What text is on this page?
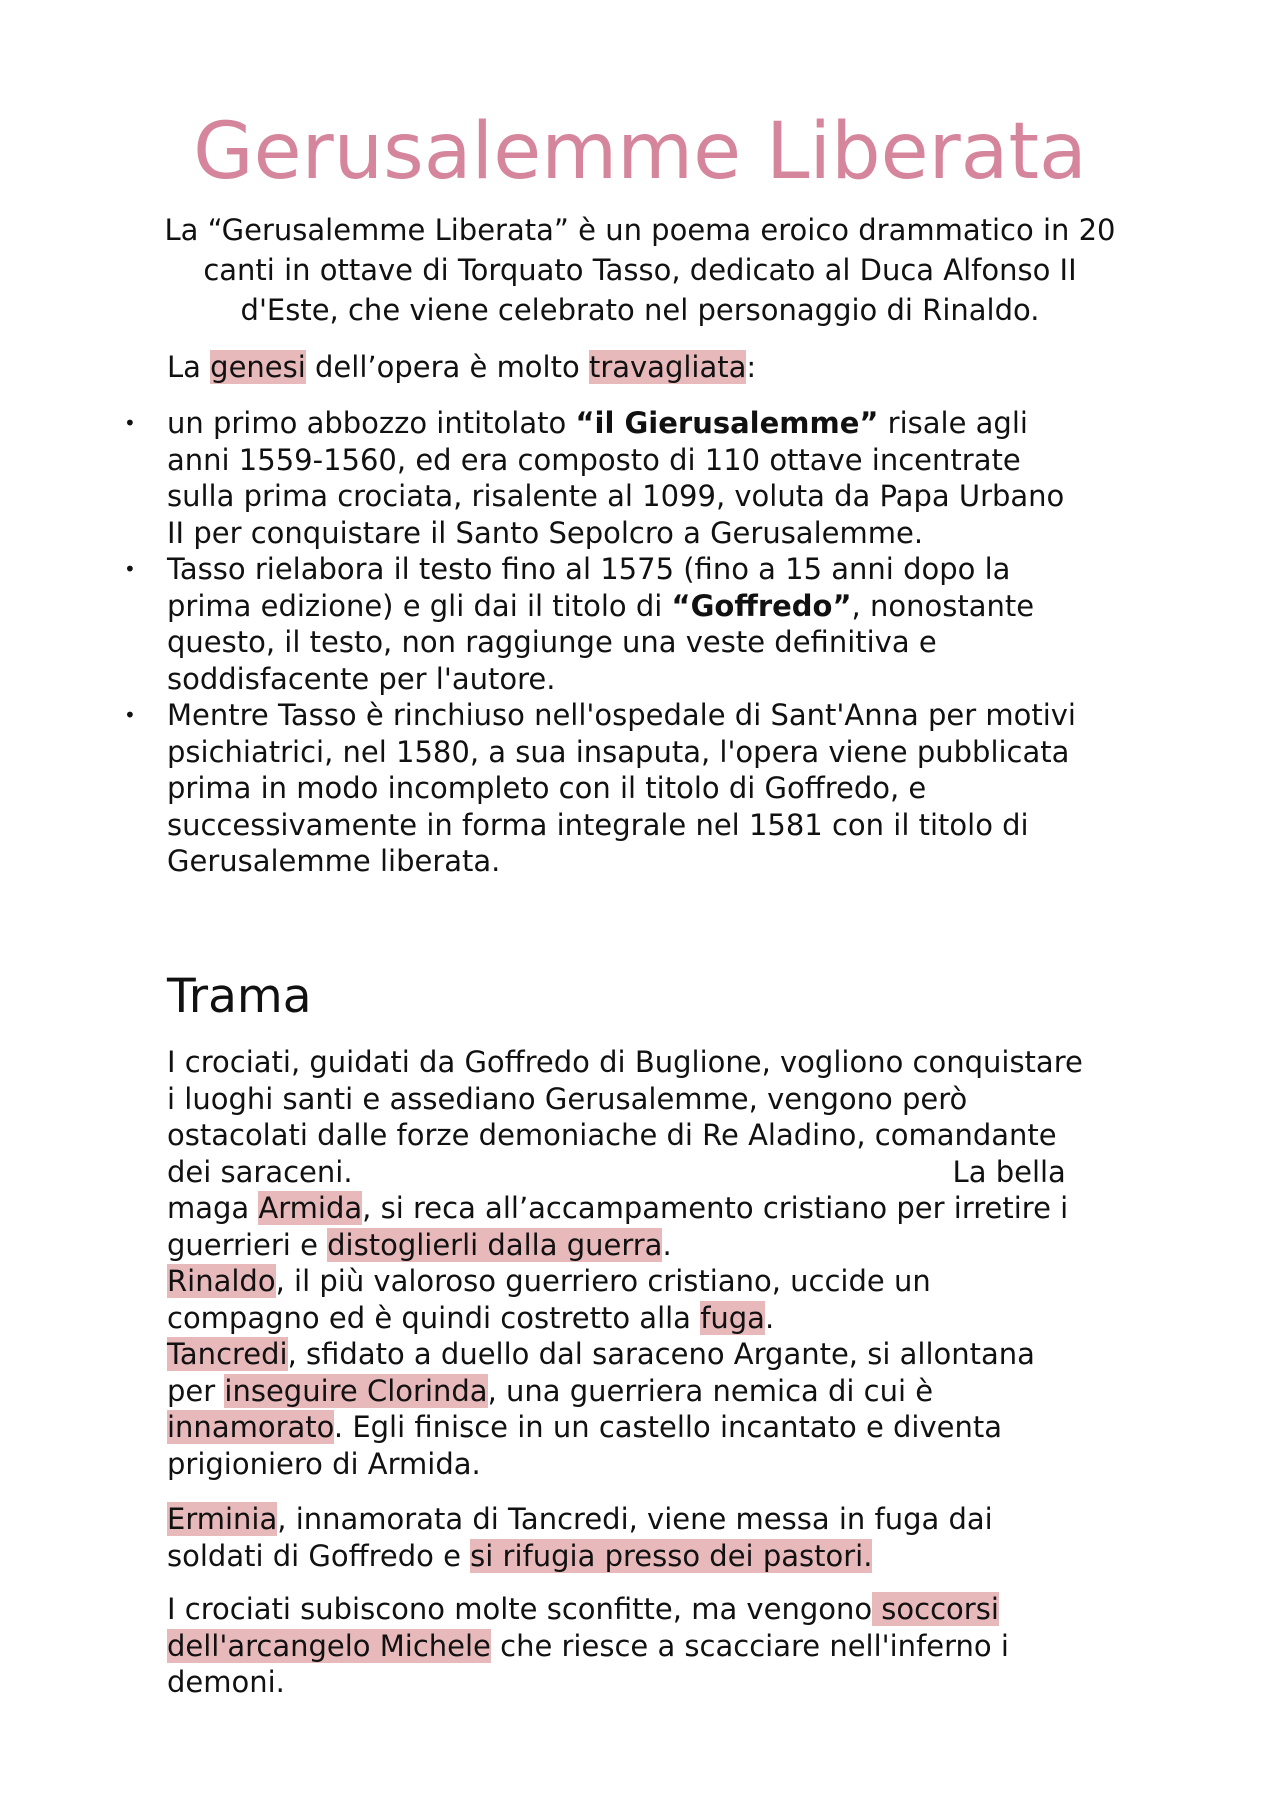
Gerusalemme Liberata

La “Gerusalemme Liberata” è un poema eroico drammatico in 20
canti in ottave di Torquato Tasso, dedicato al Duca Alfonso II
d'Este, che viene celebrato nel personaggio di Rinaldo.

La genesi dell’opera è molto travagliata:

• un primo abbozzo intitolato “il Gierusalemme” risale agli
anni 1559-1560, ed era composto di 110 ottave incentrate
sulla prima crociata, risalente al 1099, voluta da Papa Urbano
II per conquistare il Santo Sepolcro a Gerusalemme.
• Tasso rielabora il testo fino al 1575 (fino a 15 anni dopo la
prima edizione) e gli dai il titolo di “Goffredo”, nonostante
questo, il testo, non raggiunge una veste definitiva e
soddisfacente per l'autore.
• Mentre Tasso è rinchiuso nell'ospedale di Sant'Anna per motivi
psichiatrici, nel 1580, a sua insaputa, l'opera viene pubblicata
prima in modo incompleto con il titolo di Goffredo, e
successivamente in forma integrale nel 1581 con il titolo di
Gerusalemme liberata.
Trama

I crociati, guidati da Goffredo di Buglione, vogliono conquistare
i luoghi santi e assediano Gerusalemme, vengono però
ostacolati dalle forze demoniache di Re Aladino, comandante
dei saraceni.	La bella
maga Armida, si reca all’accampamento cristiano per irretire i
guerrieri e distoglierli dalla guerra.
Rinaldo, il più valoroso guerriero cristiano, uccide un
compagno ed è quindi costretto alla fuga.
Tancredi, sfidato a duello dal saraceno Argante, si allontana
per inseguire Clorinda, una guerriera nemica di cui è
innamorato. Egli finisce in un castello incantato e diventa
prigioniero di Armida.

Erminia, innamorata di Tancredi, viene messa in fuga dai
soldati di Goffredo e si rifugia presso dei pastori.

I crociati subiscono molte sconfitte, ma vengono soccorsi
dell'arcangelo Michele che riesce a scacciare nell'inferno i
demoni.
